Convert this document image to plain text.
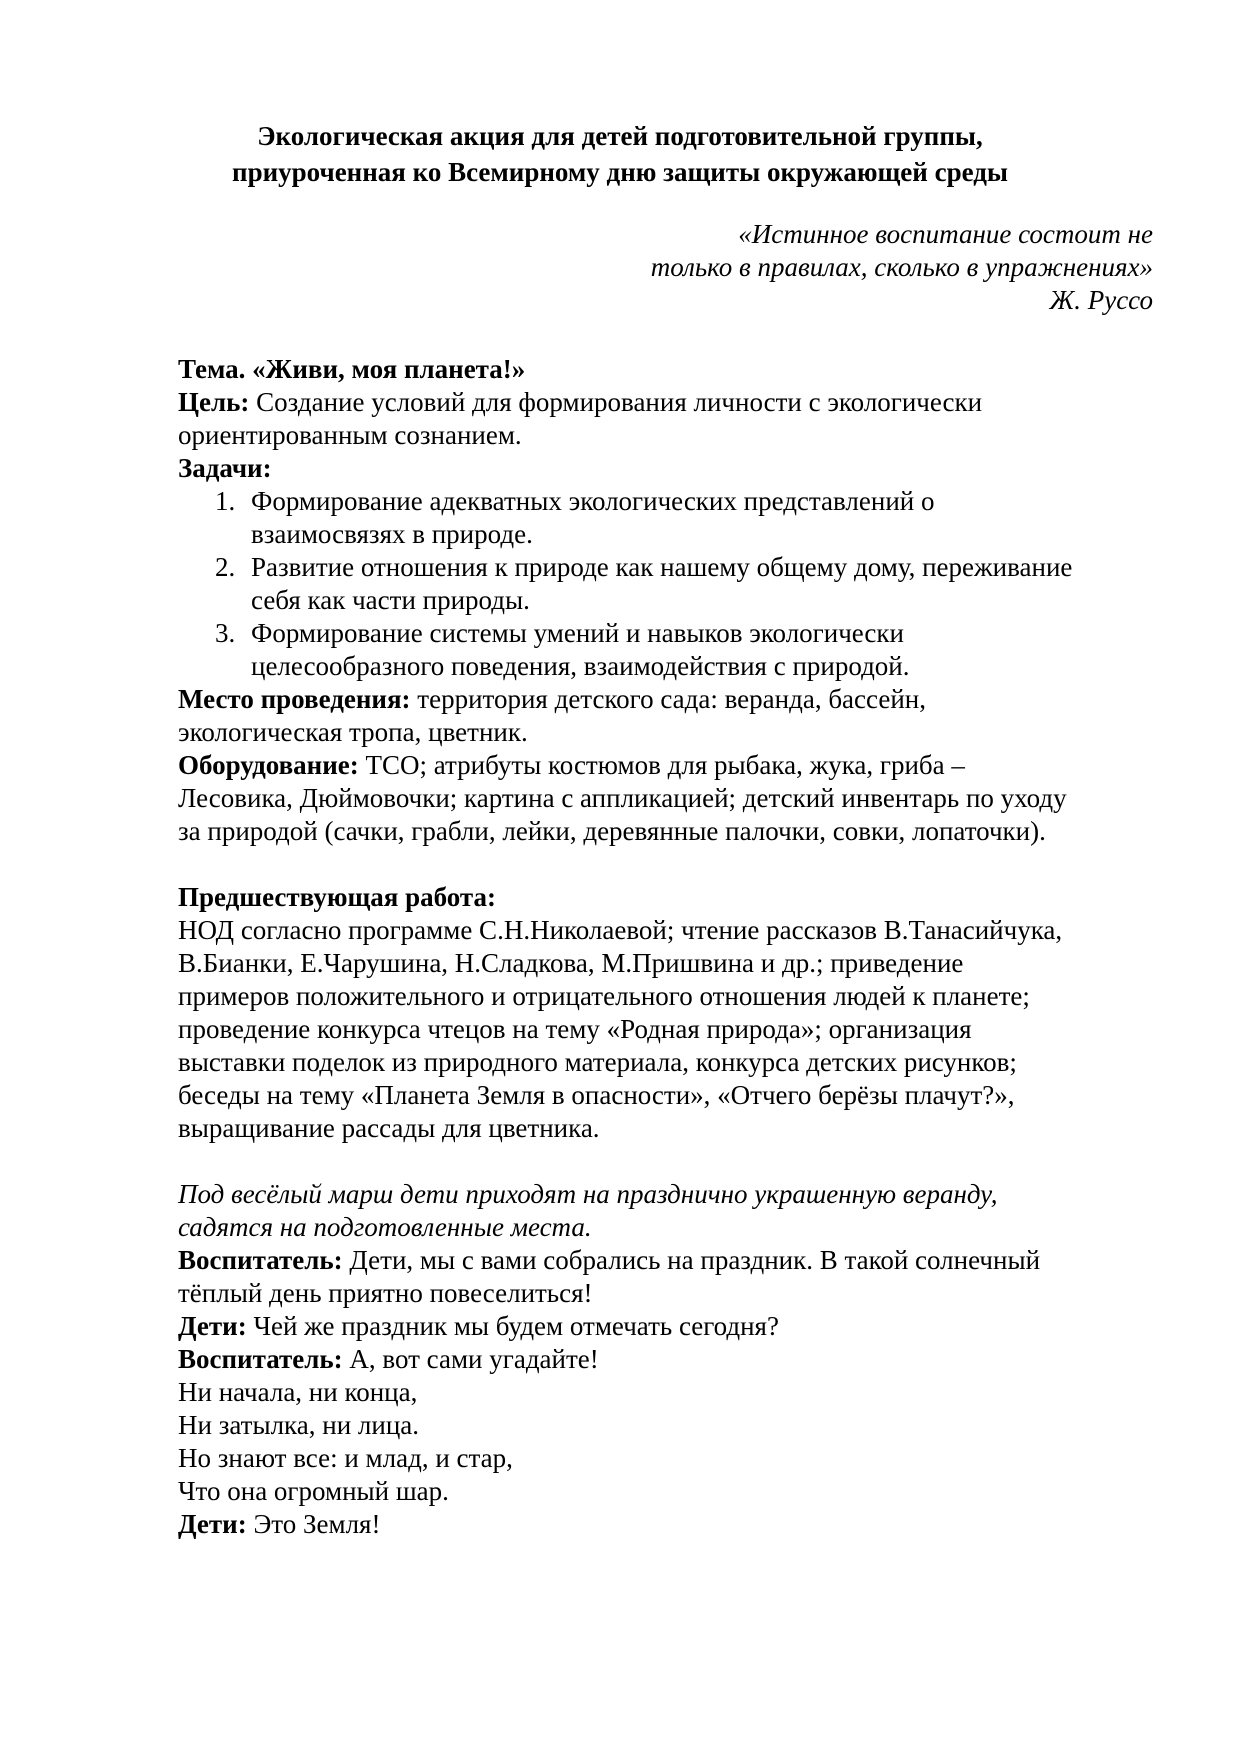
Экологическая акция для детей подготовительной группы,
приуроченная ко Всемирному дню защиты окружающей среды
«Истинное воспитание состоит не
только в правилах, сколько в упражнениях»
Ж. Руссо
Тема. «Живи, моя планета!»
Цель: Создание условий для формирования личности с экологически
ориентированным сознанием.
Задачи:
1. Формирование адекватных экологических представлений о
взаимосвязях в природе.
2. Развитие отношения к природе как нашему общему дому, переживание
себя как части природы.
3. Формирование системы умений и навыков экологически
целесообразного поведения, взаимодействия с природой.
Место проведения: территория детского сада: веранда, бассейн,
экологическая тропа, цветник.
Оборудование: ТСО; атрибуты костюмов для рыбака, жука, гриба –
Лесовика, Дюймовочки; картина с аппликацией; детский инвентарь по уходу
за природой (сачки, грабли, лейки, деревянные палочки, совки, лопаточки).
Предшествующая работа:
НОД согласно программе С.Н.Николаевой; чтение рассказов В.Танасийчука,
В.Бианки, Е.Чарушина, Н.Сладкова, М.Пришвина и др.; приведение
примеров положительного и отрицательного отношения людей к планете;
проведение конкурса чтецов на тему «Родная природа»; организация
выставки поделок из природного материала, конкурса детских рисунков;
беседы на тему «Планета Земля в опасности», «Отчего берёзы плачут?»,
выращивание рассады для цветника.
Под весёлый марш дети приходят на празднично украшенную веранду,
садятся на подготовленные места.
Воспитатель: Дети, мы с вами собрались на праздник. В такой солнечный
тёплый день приятно повеселиться!
Дети: Чей же праздник мы будем отмечать сегодня?
Воспитатель: А, вот сами угадайте!
Ни начала, ни конца,
Ни затылка, ни лица.
Но знают все: и млад, и стар,
Что она огромный шар.
Дети: Это Земля!
